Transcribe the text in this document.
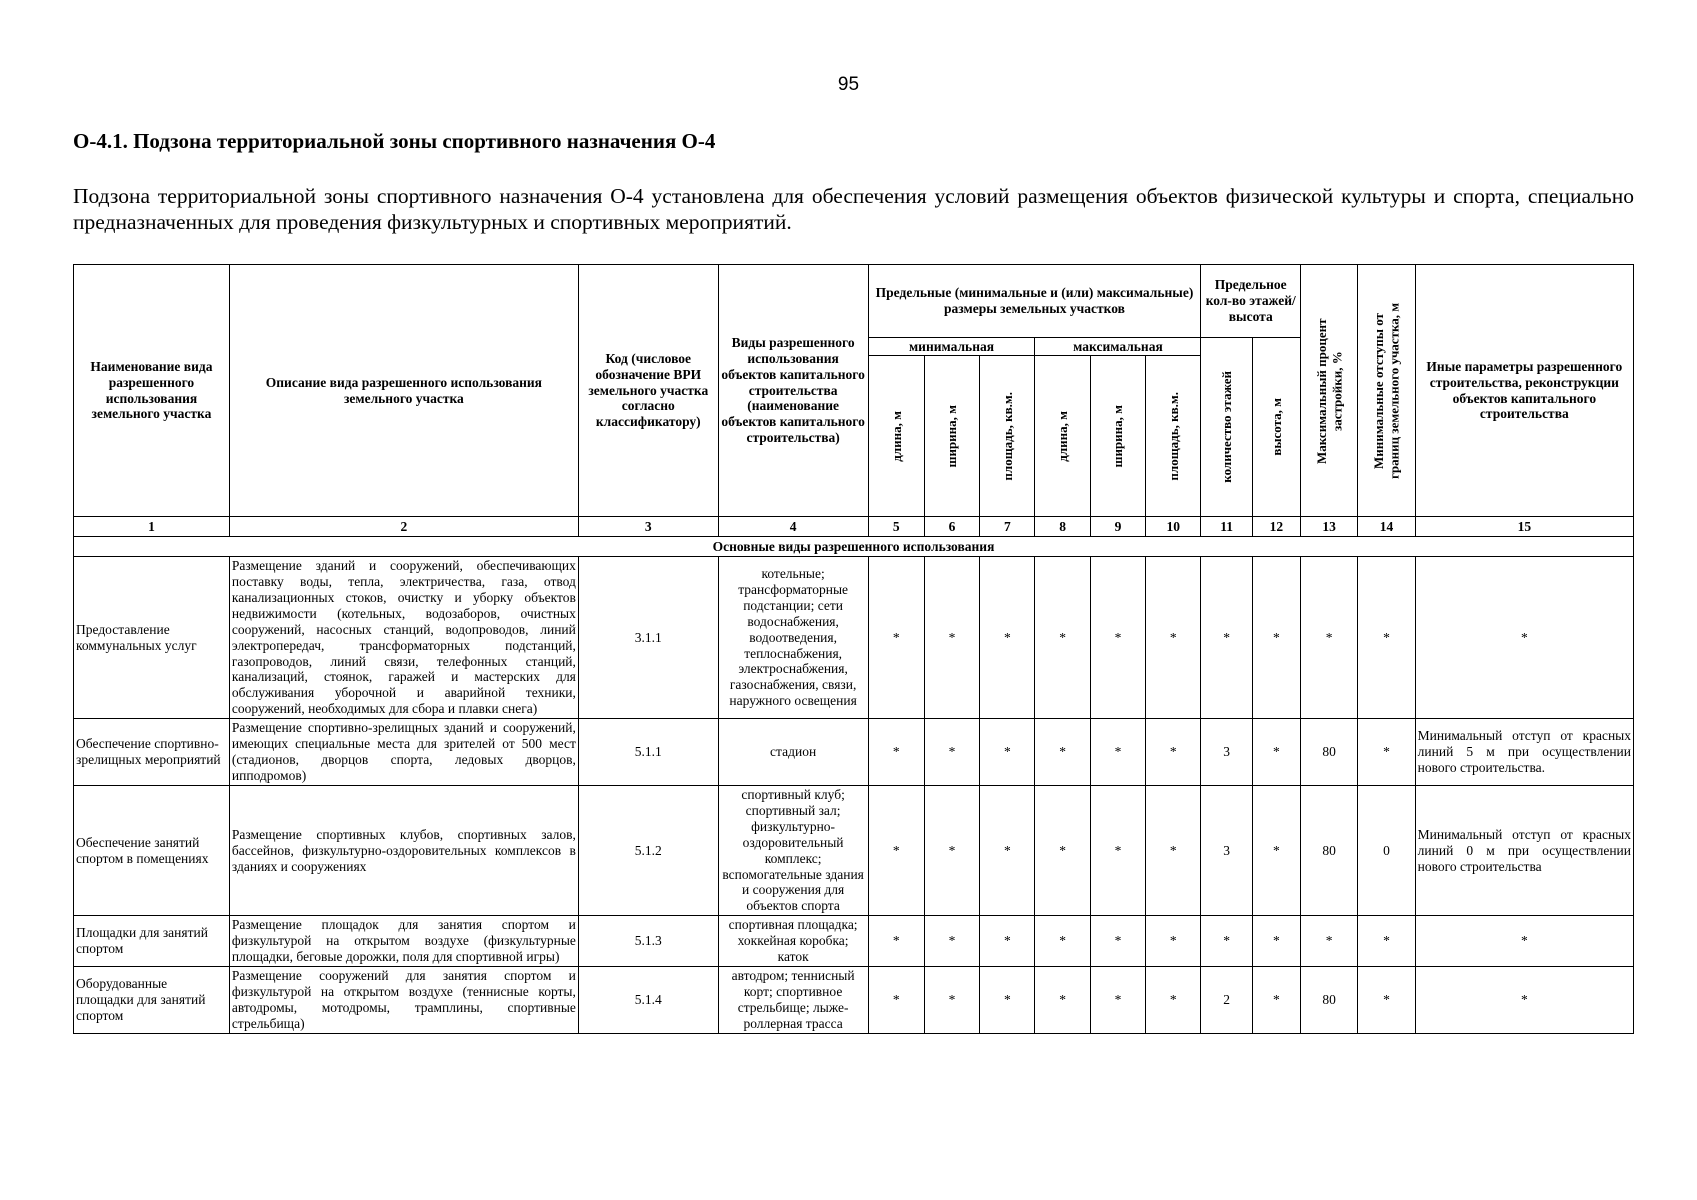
95
О-4.1. Подзона территориальной зоны спортивного назначения О-4

Подзона территориальной зоны спортивного назначения О-4 установлена для обеспечения условий размещения объектов физической культуры и спорта, специально предназначенных для проведения физкультурных и спортивных мероприятий.

Наименование вида разрешенного использования земельного участка	Описание вида разрешенного использования земельного участка	Код (числовое обозначение ВРИ земельного участка согласно классификатору)	Виды разрешенного использования объектов капитального строительства (наименование объектов капитального строительства)	Предельные (минимальные и (или) максимальные) размеры земельных участков						Предельное кол-во этажей/ высота		Максимальный процент застройки, %	Минимальные отступы от границ земельного участка, м	Иные параметры разрешенного строительства, реконструкции объектов капитального строительства
				минимальная			максимальная			количество этажей	высота, м			

				длина, м	ширина, м	площадь, кв.м.	длина, м	ширина, м	площадь, кв.м.					

1	2	3	4	5	6	7	8	9	10	11	12	13	14	15
Основные виды разрешенного использования														
Предоставление коммунальных услуг	Размещение зданий и сооружений, обеспечивающих поставку воды, тепла, электричества, газа, отвод канализационных стоков, очистку и уборку объектов недвижимости (котельных, водозаборов, очистных сооружений, насосных станций, водопроводов, линий электропередач, трансформаторных подстанций, газопроводов, линий связи, телефонных станций, канализаций, стоянок, гаражей и мастерских для обслуживания уборочной и аварийной техники, сооружений, необходимых для сбора и плавки снега)	3.1.1	котельные; трансформаторные подстанции; сети водоснабжения, водоотведения, теплоснабжения, электроснабжения, газоснабжения, связи, наружного освещения	*	*	*	*	*	*	*	*	*	*	*
Обеспечение спортивно-зрелищных мероприятий	Размещение спортивно-зрелищных зданий и сооружений, имеющих специальные места для зрителей от 500 мест (стадионов, дворцов спорта, ледовых дворцов, ипподромов)	5.1.1	стадион	*	*	*	*	*	*	3	*	80	*	Минимальный отступ от красных линий 5 м при осуществлении нового строительства.
Обеспечение занятий спортом в помещениях	Размещение спортивных клубов, спортивных залов, бассейнов, физкультурно-оздоровительных комплексов в зданиях и сооружениях	5.1.2	спортивный клуб; спортивный зал; физкультурно-оздоровительный комплекс; вспомогательные здания и сооружения для объектов спорта	*	*	*	*	*	*	3	*	80	0	Минимальный отступ от красных линий 0 м при осуществлении нового строительства
Площадки для занятий спортом	Размещение площадок для занятия спортом и физкультурой на открытом воздухе (физкультурные площадки, беговые дорожки, поля для спортивной игры)	5.1.3	спортивная площадка; хоккейная коробка; каток	*	*	*	*	*	*	*	*	*	*	*
Оборудованные площадки для занятий спортом	Размещение сооружений для занятия спортом и физкультурой на открытом воздухе (теннисные корты, автодромы, мотодромы, трамплины, спортивные стрельбища)	5.1.4	автодром; теннисный корт; спортивное стрельбище; лыже-роллерная трасса	*	*	*	*	*	*	2	*	80	*	*
